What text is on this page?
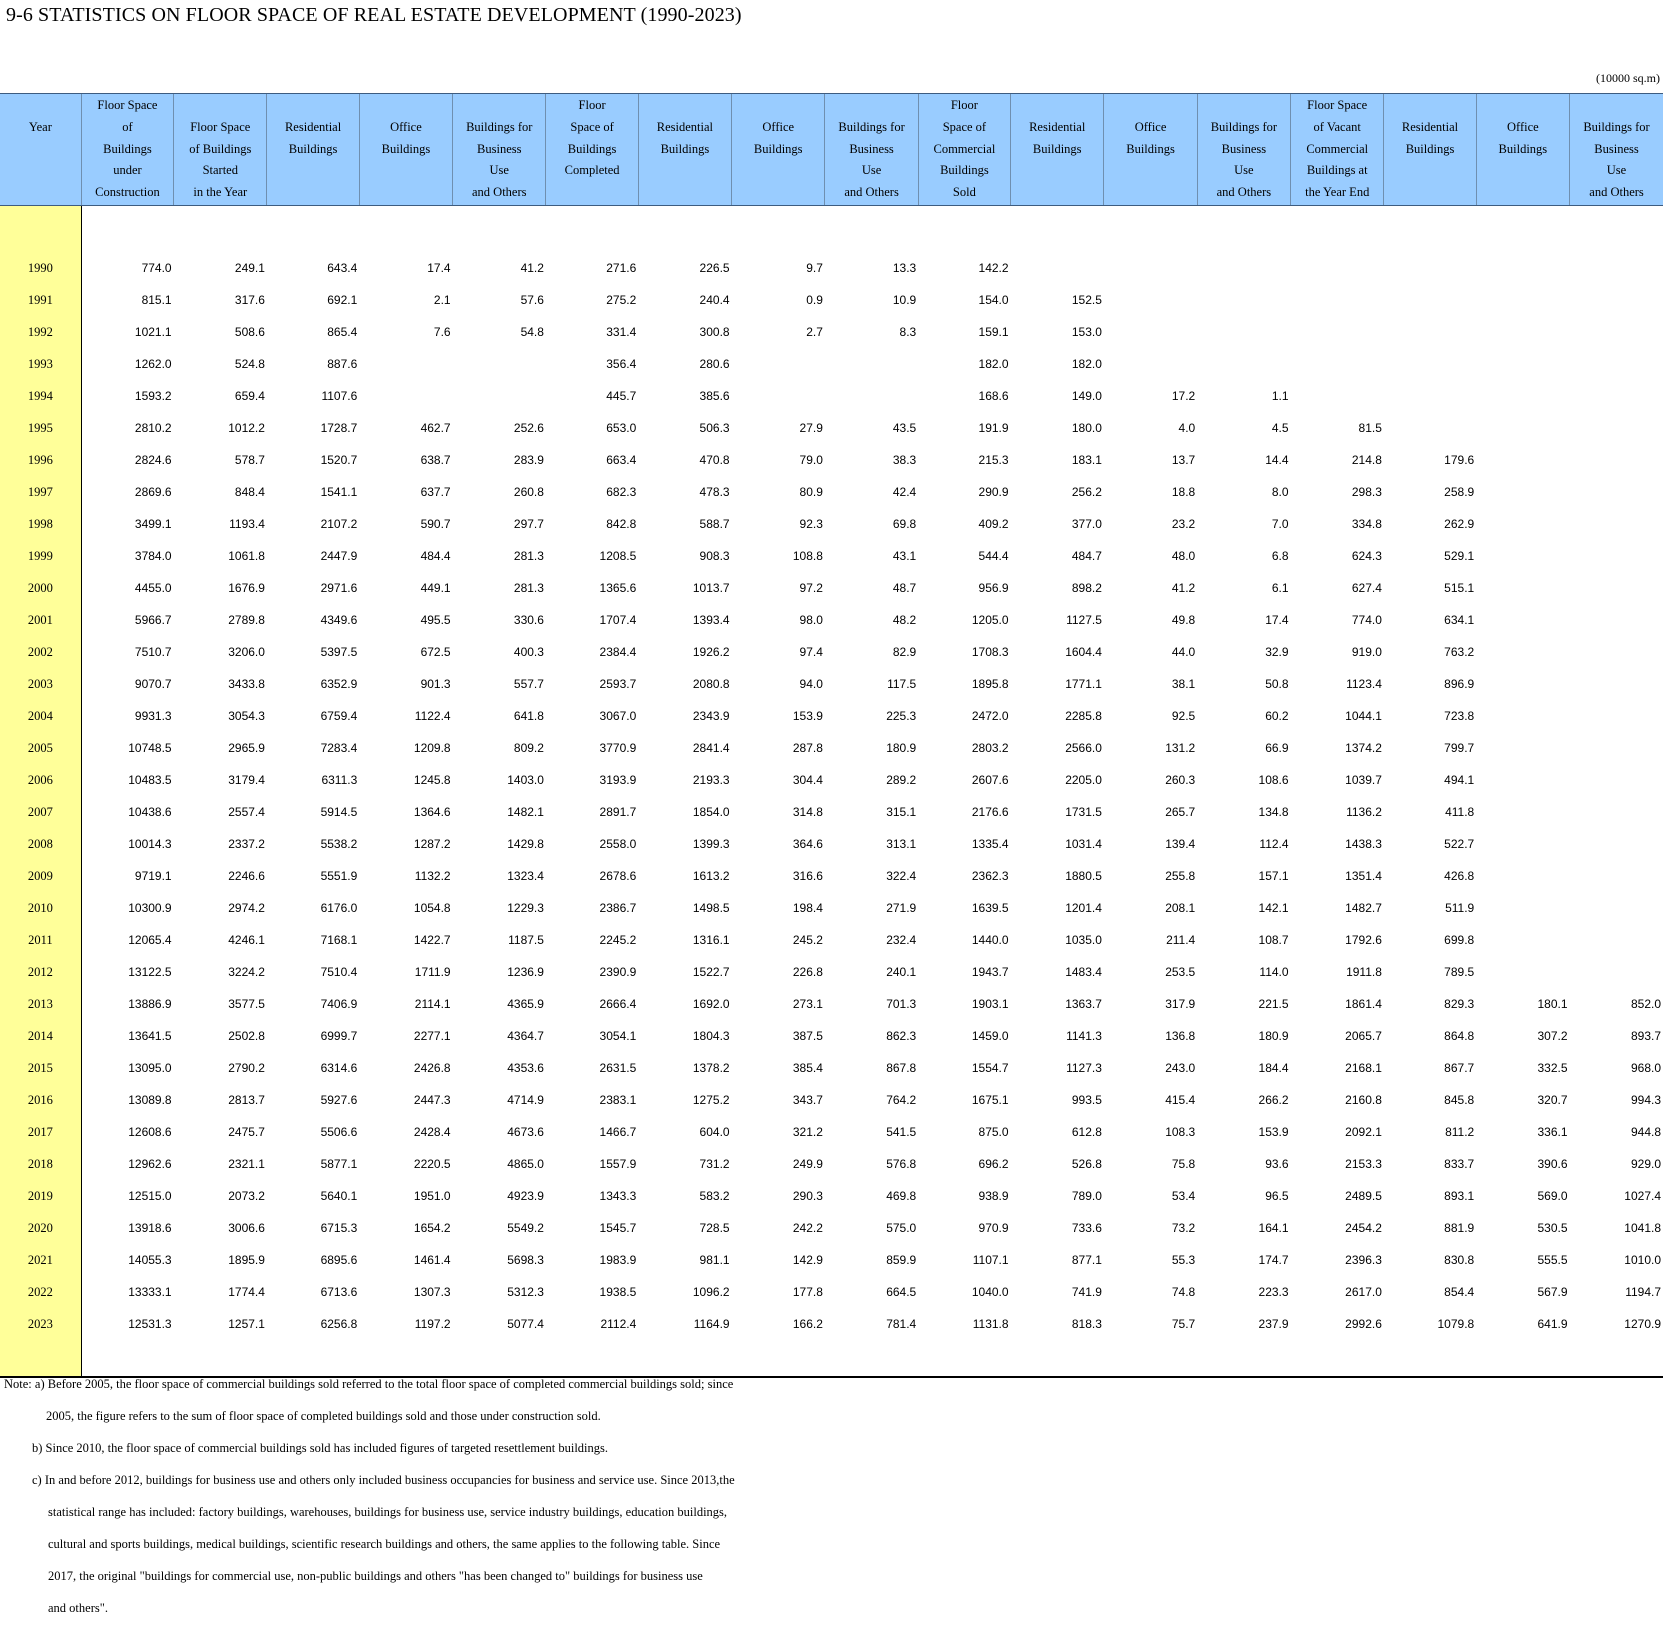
9-6 STATISTICS ON FLOOR SPACE OF REAL ESTATE DEVELOPMENT (1990-2023)
(10000 sq.m)

Year	Floor Space
of
Buildings
under
Construction	Floor Space
of Buildings
Started
in the Year	Residential
Buildings	Office
Buildings	Buildings for
Business
Use
and Others	Floor
Space of
Buildings
Completed	Residential
Buildings	Office
Buildings	Buildings for
Business
Use
and Others	Floor
Space of
Commercial
Buildings
Sold	Residential
Buildings	Office
Buildings	Buildings for
Business
Use
and Others	Floor Space
of Vacant
Commercial
Buildings at
the Year End	Residential
Buildings	Office
Buildings	Buildings for
Business
Use
and Others

1990	774.0	249.1	643.4	17.4	41.2	271.6	226.5	9.7	13.3	142.2							
1991	815.1	317.6	692.1	2.1	57.6	275.2	240.4	0.9	10.9	154.0	152.5						
1992	1021.1	508.6	865.4	7.6	54.8	331.4	300.8	2.7	8.3	159.1	153.0						
1993	1262.0	524.8	887.6			356.4	280.6			182.0	182.0						
1994	1593.2	659.4	1107.6			445.7	385.6			168.6	149.0	17.2	1.1				
1995	2810.2	1012.2	1728.7	462.7	252.6	653.0	506.3	27.9	43.5	191.9	180.0	4.0	4.5	81.5			
1996	2824.6	578.7	1520.7	638.7	283.9	663.4	470.8	79.0	38.3	215.3	183.1	13.7	14.4	214.8	179.6		
1997	2869.6	848.4	1541.1	637.7	260.8	682.3	478.3	80.9	42.4	290.9	256.2	18.8	8.0	298.3	258.9		
1998	3499.1	1193.4	2107.2	590.7	297.7	842.8	588.7	92.3	69.8	409.2	377.0	23.2	7.0	334.8	262.9		
1999	3784.0	1061.8	2447.9	484.4	281.3	1208.5	908.3	108.8	43.1	544.4	484.7	48.0	6.8	624.3	529.1		
2000	4455.0	1676.9	2971.6	449.1	281.3	1365.6	1013.7	97.2	48.7	956.9	898.2	41.2	6.1	627.4	515.1		
2001	5966.7	2789.8	4349.6	495.5	330.6	1707.4	1393.4	98.0	48.2	1205.0	1127.5	49.8	17.4	774.0	634.1		
2002	7510.7	3206.0	5397.5	672.5	400.3	2384.4	1926.2	97.4	82.9	1708.3	1604.4	44.0	32.9	919.0	763.2		
2003	9070.7	3433.8	6352.9	901.3	557.7	2593.7	2080.8	94.0	117.5	1895.8	1771.1	38.1	50.8	1123.4	896.9		
2004	9931.3	3054.3	6759.4	1122.4	641.8	3067.0	2343.9	153.9	225.3	2472.0	2285.8	92.5	60.2	1044.1	723.8		
2005	10748.5	2965.9	7283.4	1209.8	809.2	3770.9	2841.4	287.8	180.9	2803.2	2566.0	131.2	66.9	1374.2	799.7		
2006	10483.5	3179.4	6311.3	1245.8	1403.0	3193.9	2193.3	304.4	289.2	2607.6	2205.0	260.3	108.6	1039.7	494.1		
2007	10438.6	2557.4	5914.5	1364.6	1482.1	2891.7	1854.0	314.8	315.1	2176.6	1731.5	265.7	134.8	1136.2	411.8		
2008	10014.3	2337.2	5538.2	1287.2	1429.8	2558.0	1399.3	364.6	313.1	1335.4	1031.4	139.4	112.4	1438.3	522.7		
2009	9719.1	2246.6	5551.9	1132.2	1323.4	2678.6	1613.2	316.6	322.4	2362.3	1880.5	255.8	157.1	1351.4	426.8		
2010	10300.9	2974.2	6176.0	1054.8	1229.3	2386.7	1498.5	198.4	271.9	1639.5	1201.4	208.1	142.1	1482.7	511.9		
2011	12065.4	4246.1	7168.1	1422.7	1187.5	2245.2	1316.1	245.2	232.4	1440.0	1035.0	211.4	108.7	1792.6	699.8		
2012	13122.5	3224.2	7510.4	1711.9	1236.9	2390.9	1522.7	226.8	240.1	1943.7	1483.4	253.5	114.0	1911.8	789.5		
2013	13886.9	3577.5	7406.9	2114.1	4365.9	2666.4	1692.0	273.1	701.3	1903.1	1363.7	317.9	221.5	1861.4	829.3	180.1	852.0
2014	13641.5	2502.8	6999.7	2277.1	4364.7	3054.1	1804.3	387.5	862.3	1459.0	1141.3	136.8	180.9	2065.7	864.8	307.2	893.7
2015	13095.0	2790.2	6314.6	2426.8	4353.6	2631.5	1378.2	385.4	867.8	1554.7	1127.3	243.0	184.4	2168.1	867.7	332.5	968.0
2016	13089.8	2813.7	5927.6	2447.3	4714.9	2383.1	1275.2	343.7	764.2	1675.1	993.5	415.4	266.2	2160.8	845.8	320.7	994.3
2017	12608.6	2475.7	5506.6	2428.4	4673.6	1466.7	604.0	321.2	541.5	875.0	612.8	108.3	153.9	2092.1	811.2	336.1	944.8
2018	12962.6	2321.1	5877.1	2220.5	4865.0	1557.9	731.2	249.9	576.8	696.2	526.8	75.8	93.6	2153.3	833.7	390.6	929.0
2019	12515.0	2073.2	5640.1	1951.0	4923.9	1343.3	583.2	290.3	469.8	938.9	789.0	53.4	96.5	2489.5	893.1	569.0	1027.4
2020	13918.6	3006.6	6715.3	1654.2	5549.2	1545.7	728.5	242.2	575.0	970.9	733.6	73.2	164.1	2454.2	881.9	530.5	1041.8
2021	14055.3	1895.9	6895.6	1461.4	5698.3	1983.9	981.1	142.9	859.9	1107.1	877.1	55.3	174.7	2396.3	830.8	555.5	1010.0
2022	13333.1	1774.4	6713.6	1307.3	5312.3	1938.5	1096.2	177.8	664.5	1040.0	741.9	74.8	223.3	2617.0	854.4	567.9	1194.7
2023	12531.3	1257.1	6256.8	1197.2	5077.4	2112.4	1164.9	166.2	781.4	1131.8	818.3	75.7	237.9	2992.6	1079.8	641.9	1270.9

Note: a) Before 2005, the floor space of commercial buildings sold referred to the total floor space of completed commercial buildings sold; since
2005, the figure refers to the sum of floor space of completed buildings sold and those under construction sold.
b) Since 2010, the floor space of commercial buildings sold has included figures of targeted resettlement buildings.
c) In and before 2012, buildings for business use and others only included business occupancies for business and service use. Since 2013,the
statistical range has included: factory buildings, warehouses, buildings for business use, service industry buildings, education buildings,
cultural and sports buildings, medical buildings, scientific research buildings and others, the same applies to the following table. Since
2017, the original "buildings for commercial use, non-public buildings and others "has been changed to" buildings for business use
and others".
